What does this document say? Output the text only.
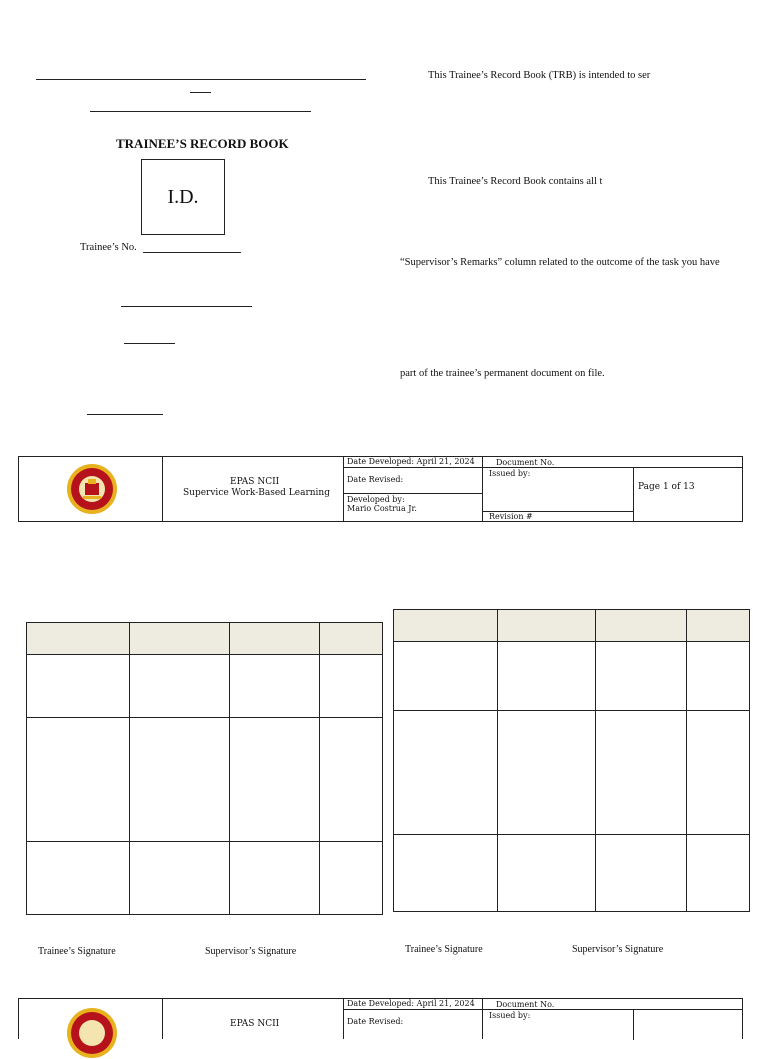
TRAINEE’S RECORD BOOK
I.D.
Trainee’s No.
This Trainee’s Record Book (TRB) is intended to ser
This Trainee’s Record Book contains all t
“Supervisor’s Remarks” column related to the outcome of the task you have
part of the trainee’s permanent document on file.
EPAS NCII
Supervice Work-Based Learning
Date Developed: April 21, 2024
Date Revised:
Developed by:
Mario Costrua Jr.
Document No.
Issued by:
Revision #
Page 1 of 13

Trainee’s Signature	Supervisor’s Signature	Trainee’s Signature	Supervisor’s Signature
EPAS NCII
Date Developed: April 21, 2024
Date Revised:
Document No.
Issued by:
